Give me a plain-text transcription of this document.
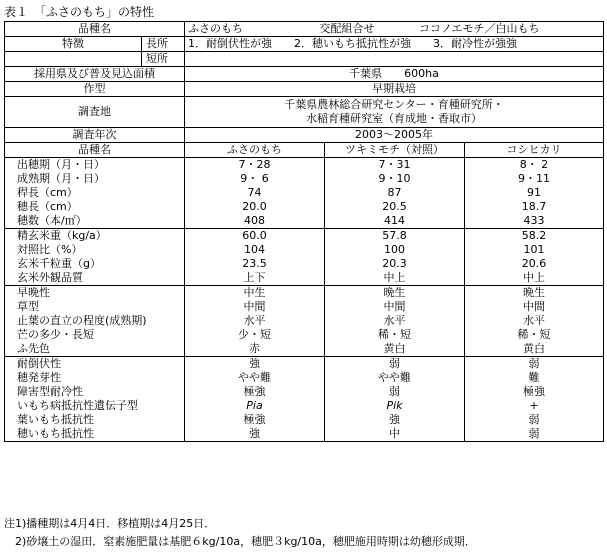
表１　「ふさのもち」の特性
品種名	ふさのもち 交配組合せ ココノエモチ／白山もち		

特徴 長所	1．耐倒伏性が強　　2．穂いもち抵抗性が強　　3．耐冷性が強強		

短所			

採用県及び普及見込面積	千葉県　　600ha		
作型	早期栽培		
調査地	千葉県農林総合研究センター・育種研究所・
水稲育種研究室（育成地・香取市）		

調査年次	2003～2005年		
品種名	ふさのもち	ツキミモチ（対照）	コシヒカリ
出穂期（月・日）	7・28	7・31	8・ 2
成熟期（月・日）	9・ 6	9・10	9・11
稈長（cm）	74	87	91
穂長（cm）	20.0	20.5	18.7
穂数（本/㎡）	408	414	433
精玄米重（kg/a）	60.0	57.8	58.2
対照比（%）	104	100	101
玄米千粒重（g）	23.5	20.3	20.6
玄米外観品質	上下	中上	中上
早晩性	中生	晩生	晩生
草型	中間	中間	中間
止葉の直立の程度(成熟期)	水平	水平	水平
芒の多少・長短	少・短	稀・短	稀・短
ふ先色	赤	黄白	黄白
耐倒伏性	強	弱	弱
穂発芽性	やや難	やや難	難
障害型耐冷性	極強	弱	極強
いもち病抵抗性遺伝子型	Pia	Pik	+
葉いもち抵抗性	極強	強	弱
穂いもち抵抗性	強	中	弱
注1)播種期は4月4日．移植期は4月25日．
　2)砂壌土の湿田．窒素施肥量は基肥６kg/10a，穂肥３kg/10a，穂肥施用時期は幼穂形成期．
